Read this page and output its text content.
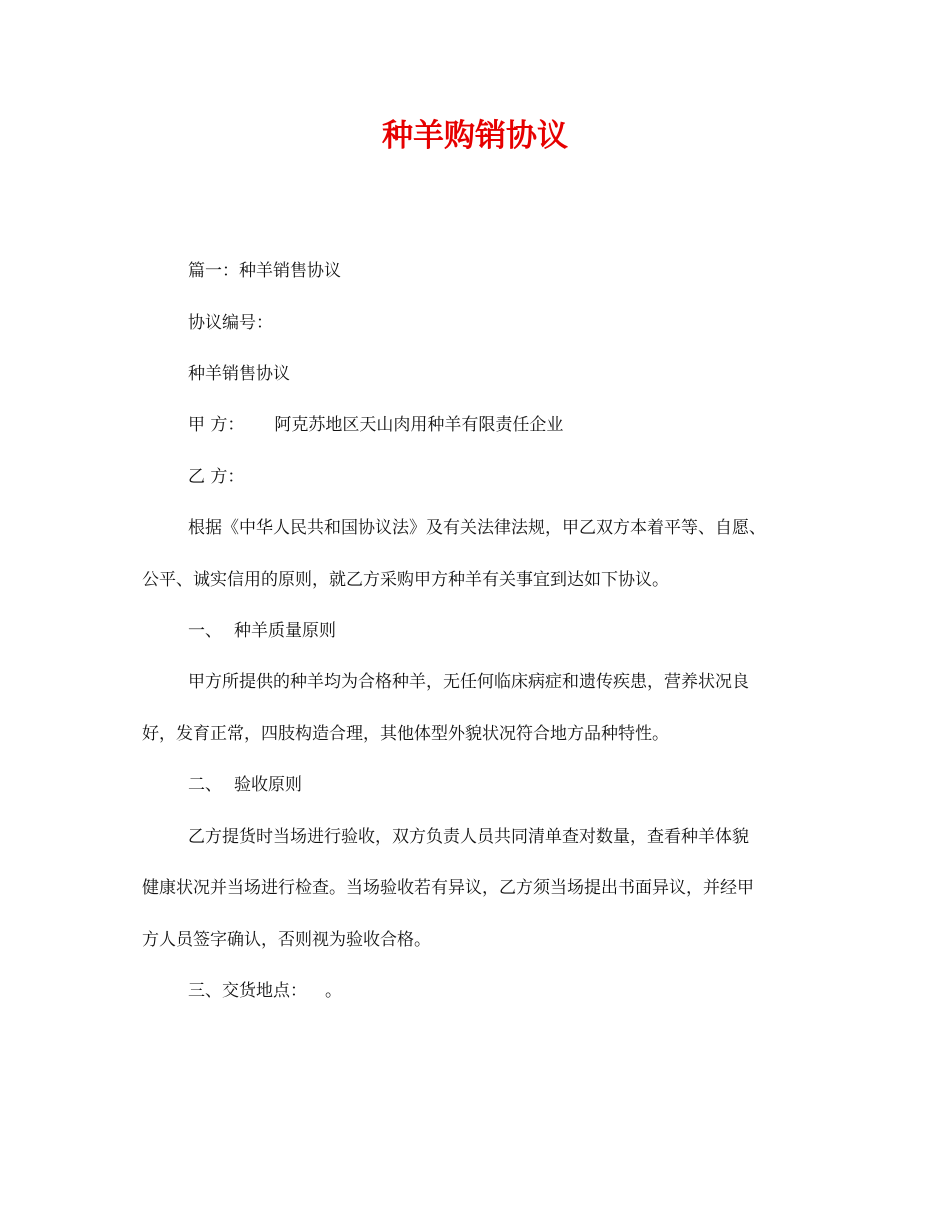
种羊购销协议

篇一：种羊销售协议

协议编号：

种羊销售协议

甲 方： 阿克苏地区天山肉用种羊有限责任企业

乙 方：

根据《中华人民共和国协议法》及有关法律法规，甲乙双方本着平等、自愿、

公平、诚实信用的原则，就乙方采购甲方种羊有关事宜到达如下协议。

一、 种羊质量原则

甲方所提供的种羊均为合格种羊，无任何临床病症和遗传疾患，营养状况良

好，发育正常，四肢构造合理，其他体型外貌状况符合地方品种特性。

二、 验收原则

乙方提货时当场进行验收，双方负责人员共同清单查对数量，查看种羊体貌

健康状况并当场进行检查。当场验收若有异议，乙方须当场提出书面异议，并经甲

方人员签字确认，否则视为验收合格。

三、交货地点： 。
